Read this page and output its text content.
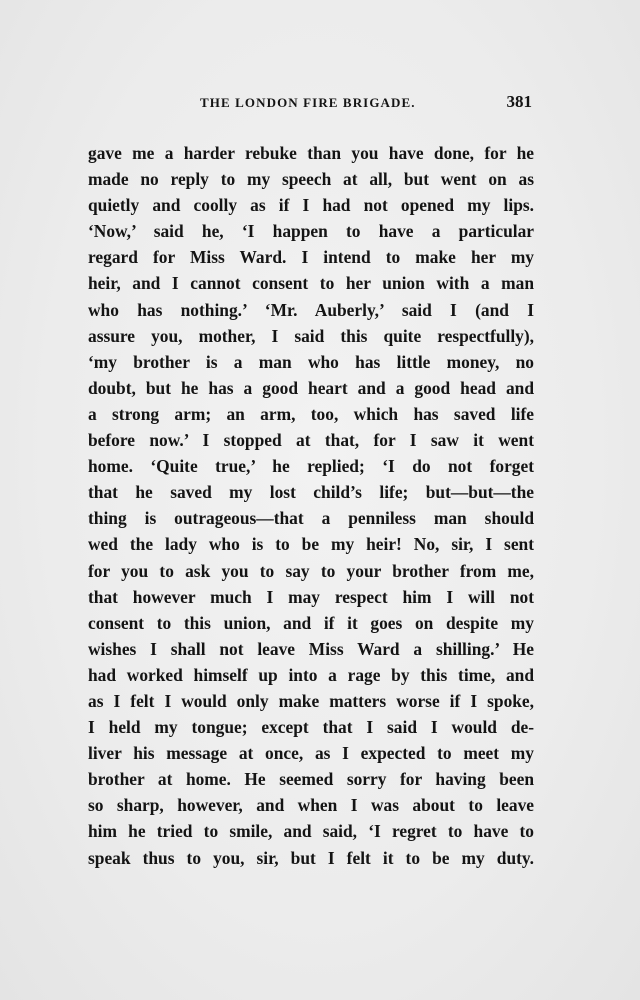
THE LONDON FIRE BRIGADE.	381
gave me a harder rebuke than you have done, for he
made no reply to my speech at all, but went on as
quietly and coolly as if I had not opened my lips.
‘Now,’ said he, ‘I happen to have a particular
regard for Miss Ward. I intend to make her my
heir, and I cannot consent to her union with a man
who has nothing.’ ‘Mr. Auberly,’ said I (and I
assure you, mother, I said this quite respectfully),
‘my brother is a man who has little money, no
doubt, but he has a good heart and a good head and
a strong arm; an arm, too, which has saved life
before now.’ I stopped at that, for I saw it went
home. ‘Quite true,’ he replied; ‘I do not forget
that he saved my lost child’s life; but—but—the
thing is outrageous—that a penniless man should
wed the lady who is to be my heir! No, sir, I sent
for you to ask you to say to your brother from me,
that however much I may respect him I will not
consent to this union, and if it goes on despite my
wishes I shall not leave Miss Ward a shilling.’ He
had worked himself up into a rage by this time, and
as I felt I would only make matters worse if I spoke,
I held my tongue; except that I said I would de-
liver his message at once, as I expected to meet my
brother at home. He seemed sorry for having been
so sharp, however, and when I was about to leave
him he tried to smile, and said, ‘I regret to have to
speak thus to you, sir, but I felt it to be my duty.
